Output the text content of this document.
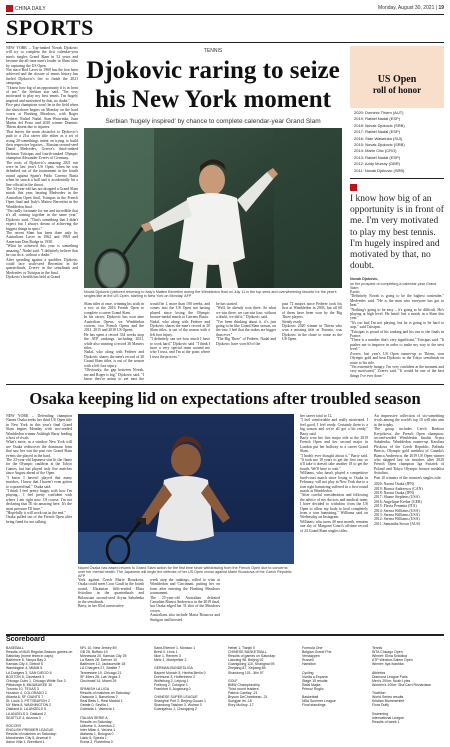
CHINA DAILY	Monday, August 30, 2021 | 19
SPORTS
NEW YORK – Top-ranked Novak Djokovic will try to complete the first calendar-year men's singles Grand Slam in 52 years and become the all-time men's leader in Slam titles by capturing the US Open.
Not since Rod Laver in 1969 has the feat been achieved and the closure of tennis history has fueled Djokovic's fire to finish the 2021 campaign.
"I know how big of an opportunity it is in front of me," the Serbian star said. "I'm very motivated to play my best tennis. I'm hugely inspired and motivated by that, no doubt."
Five past champions won't be in the field when the showdown begins on Monday on the hard courts at Flushing Meadows, with Roger Federer, Rafael Nadal, Stan Wawrinka, Juan Martin del Potro and 2020 winner Dominic Thiem absent due to injuries.
That leaves the main obstacles to Djokovic's path to a 21st career title either as a set of rising 20-somethings intent on trying to build their respective legacies – Russian second-seed Daniil Medvedev, Greece's third-ranked Stefanos Tsitsipas and fourth-ranked Olympic champion Alexander Zverev of Germany.
The roots of Djokovic's amazing 2021 run were in last year's US Open, when he was defaulted out of the tournament in the fourth round against Spain's Pablo Carreno Busta when he struck a ball and it accidentally hit a line official in the throat.
The 34-year-old has not dropped a Grand Slam match this year, beating Medvedev in the Australian Open final, Tsitsipas in the French Open final and Italy's Matteo Berrettini in the Wimbledon final.
"I'm really fortunate for me and incredible that it's all coming together in the same year," Djokovic said. "That's something that I didn't expect but I always dream of achieving the biggest things in sport."
The recent Slam has been done only by Australians Laver in 1962 and 1969 and American Don Budge in 1938.
"What he achieved this year is something amazing," Nadal said. "I definitely believe that he can do it, without a doubt."
After spending against a qualifier, Djokovic could face sixth-seed Berrettini in the quarterfinals, Zverev in the semifinals and Medvedev or Tsitsipas in the final.
Djokovic's health has held at Grand
TENNIS
Djokovic raring to seize
his New York moment
Serbian 'hugely inspired' by chance to complete calendar-year Grand Slam
Novak Djokovic (pictured returning to Italy's Matteo Berrettini during the Wimbledon final on July 11 in the top seed and overwhelming favorite for the year's singles title at the US Open, starting in New York on Monday. AFP
Slam titles at once, winning his sixth in a row at the 2016 French Open to complete a career Grand Slam.
In his career, Djokovic has won nine Australian Opens, six Wimbledon crowns, two French Opens and the 2011, 2015 and 2018 US Opens.
He has spent a record 334 weeks atop the ATP rankings, including 2021, while also winning a record 36 Masters titles.
Nadal, who along with Federer and Djokovic shares the men's record of 20 Grand Slam titles, is out of the season with a left foot injury.
"Obviously, the gap between Novak, me and Roger is big," Djokovic said. "I know they're going to get past the

would be 1, more than 100 weeks, and comes into the US Open not having played since losing the Olympic bronze-medal match to Carreno Busta.
Nadal, who along with Federer and Djokovic shares the men's record at 20 Slam titles, is out of the season with a left foot injury.
"I definitely can see how much I have to work hard," Djokovic said. "I think I have a very special team around me who I trust, and I'm at the point where I trust the process."
he has started.
"Well, he already won three. So what we win there, we can win four, without a doubt, we did it," Djokovic said.
"I've been thinking about it, it's just going to be like Grand Slam season, on the tour. I feel that the stakes are bigger than ever."
"The Big Three" of Federer, Nadal and Djokovic have won 60 of the
past 72 majors since Federer took his first at Wimbledon in 2003, but all 60 of them have been won by the Big Three players.
Steady ready
Djokovic 2020 winner in Thiem who won a missing title at Toronto, was Djokovic in the chase to come as the US Open.
US Open
roll of honor
2020: Dominic Thiem (AUT)
2019: Rafael Nadal (ESP)
2018: Novak Djokovic (SRB)
2017: Rafael Nadal (ESP)
2016: Stan Wawrinka (SUI)
2015: Novak Djokovic (SRB)
2014: Marin Cilic (CRO)
2013: Rafael Nadal (ESP)
2012: Andy Murray (GBR)
2011: Novak Djokovic (SRB)
I know how big of an opportunity is in front of me. I'm very motivated to play my best tennis. I'm hugely inspired and motivated by that, no doubt.
Novak Djokovic,
on the prospect of completing a calendar-year Grand Slam
Exotic
"Definitely Novak is going to be the highest contender," Medvedev said. "He is the man who everyone has got to beat."
"Nothing's going to be easy – it's going to be difficult. He's playing at high level. He hasn't lost a match in a Slam this year."
"It's too bad I'm not playing, but he is going to be hard to stop," said Tsitsipas.
"Tsitsipas is proud of his ranking and his run to the finals in France.
"There is a number that's very significant," Tsitsipas said. "It pushes me to improve in order to make my way to the next level."
Zverev, last year's US Open runner-up to Thiem, won Olympic gold and beat Djokovic in the Tokyo semifinals en route to his title.
"I'm extremely hungry. I'm very confident at the moment and very motivated," Zverev said. "It would be one of the best things I've ever done."
Osaka keeping lid on expectations after troubled season
NEW YORK – Defending champion Naomi Osaka seeks her third US Open title in New York in this year's final Grand Slam begins Monday with two-seeded Wimbledon winner Ashleigh Barty leading a host of rivals.
What's more, as a window New York will see Osaka rediscover the dominant form that saw her win the past two Grand Slam events she played in the hard.
The 23-year-old Japanese star lit the flame for the Olympic cauldron at the Tokyo Games, but has played only five matches since August ahead of the Open.
"I know I haven't played that many matches, I know that I haven't even gotten to a quarterfinal," Osaka said.
"I think I feel pretty happy with how I'm playing... I feel pretty confident with where I am right now. Of course, I'm not declaring that I'll do amazing here. It's the most pressure I'll have."
"Hopefully it will work out in the end."
Osaka pulled out of the French Open after being fined for not talking
Naomi Osaka has eased returns to Grand Slam action for the first time since withdrawing from the French Open due to concerns over her mental health. The Japanese will begin the defense of her US Open crown against Marie Bouzkova of the Czech Republic. AFP
York against Czech Marie Bouzkova, Osaka could meet Coco Gauff in the fourth round, Ukrainian fifth-seeded Elina Svitolina in the quarterfinals and Belarusian second-seed Aryna Sabalenka in the semifinals.
Barty, in her 83rd consecutive
week atop the rankings, rolled to wins at Wimbledon and Cincinnati, putting her on form after entering the Flushing Meadows tournament.
The 25-year-old Australian defeated Canadian Bianca Andreescu in the 2019 final, but Osaka edged her 31 shot of the Meadows crown.
Australians also include Maria Bouzova and Stuttgart and boosted
her career total to 12.
"I feel comfortable and really motivated. I feel good, I feel ready. Certainly there is a big season and we're all got a bit ready," Barty said.
Barty won her first major title at the 2019 French Open and her second major in London put her halfway to a career Grand Slam.
"I hadn't ever thought about it," Barty said. "It took me 18 years to get the first one, so it'll take it doesn't take another 18 to get the fourth. We'll have to wait."
Williams, who hasn't played a competitive hard-court match since losing to Osaka in February, will not play in New York due to a torn right hamstring suffered in a first-round match at Wimbledon.
"After careful consideration and following the advice of my doctors and medical team, I have decided to withdraw from the US Open to allow my body to heal completely from a torn hamstring," Williams said on Wednesday on Instagram.
Williams, who turns 40 next month, remains one shy of Margaret Court's all-time record of 24 Grand Slam singles titles.
An impressive collection of six-something rivals among the world's top 10 will also aim at the trophy.
The group includes Czech Barbora Krejcikova, the French Open champion; second-seeded Wimbledon finalist Aryna Sabalenka, Wimbledon runner-up Karolina Pliskova of the Czech Republic, Belinda Bencic, Olympic gold medalist of Canada's Bianca Andreescu, the 2019 US Open winner who skipped last six matches after 2020 French Open champion Iga Swiatek of Poland and Tokyo Olympic bronze medalist Svitolina.
Past 10 winners of the women's singles title:
2020: Naomi Osaka (JPN)
2019: Bianca Andreescu (CAN)
2018: Naomi Osaka (JPN)
2017: Sloane Stephens (USA)
2016: Angelique Kerber (GER)
2015: Flavia Pennetta (ITA)
2014: Serena Williams (USA)
2013: Serena Williams (USA)
2012: Serena Williams (USA)
2011: Samantha Stosur (AUS)
Scoreboard
BASEBALL
Results of MLB Regular-Season games on Saturday (home team in caps):
Baltimore 8, Tampa Bay 2
Kansas City 4, Detroit 5
Washington 4, MIAMI 5
LA Dodgers 3, SAN DIEGO 6
BOSTON 5, Cleveland 3
Chicago Cubs 1, Chicago White Sox 3
Pittsburgh 8, MILWAUKEE 10
Toronto 10, TEXAS 3
Houston 4, COLORADO 2
Atlanta 6, SF GIANTS 7
St. Louis 3, PITTSBURGH 2
NY Mets 8, WASHINGTON 2
Oakland 6, LA ANGELS 5
LA ANGELS 3, Oakland 2
SEATTLE 4, Arizona 0

SOCCER
ENGLISH PREMIER LEAGUE
Results of matches on Saturday:
Manchester City 5, Arsenal 0
Aston Villa 1, Brentford 1

NFL 10, New Jersey 89
GB 28, Buffalo 19
Minnesota 20, Kansas City 25
La Rams 28, Denver 10
Baltimore 13, Jacksonville 18
LA Chargers 27, Seattle 7
Tennessee 10, Chicago 21
SF 49ers 28, Las Vegas 3
Cincinnati 14, Miami 29

SPANISH LA LIGA
Results of matches on Saturday:
Osasuna 1, Barcelona 2
Real Betis 1, Real Madrid 1
Getafe 0, Sevilla 1
Granada 1, Valencia 1

ITALIAN SERIE A
Results on Saturday:
Udinese 0, Juventus 2
Inter Milan 4, Verona 1
Atalanta 1, Bologna 0
Lazio 6, Spezia 1
Roma 2, Fiorentina 0

Saint-Etienne 1, Monaco 1
Brest 0, Lens 1
Nice 1, Rennes 3
Metz 1, Montpellier 2

GERMAN BUNDESLIGA
Bayern Munich 5, Hertha Berlin 0
Dortmund 3, Hoffenheim 2
Wolfsburg 2, Leipzig 1
Freiburg 2, Cologne 1
Frankfurt 0, Augsburg 0

CHINESE SUPER LEAGUE
Shanghai Port 2, Beijing Guoan 1
Shandong Taishan 3, Wuhan 0
Guangzhou 1, Chongqing 2
Hebei 1, Tianjin 0
CHINESE BASKETBALL
Results of games on Saturday:
Liaoning 98, Beijing 92
Guangdong 110, Shanghai 95
Zhejiang 87, Xinjiang 85
Shandong 101, Jilin 97

GOLF
BMW Championship
Third round leaders:
Patrick Cantlay -21
Bryson DeChambeau -21
Sungjae Im -18
Rory McIlroy -17
Formula One
Belgian Grand Prix
Verstappen
Russell
Hamilton

Cycling
Vuelta a Espana
Stage 15 results:
Rafal Majka
Primoz Roglic

Basketball
NBA Summer League
Final standings
Tennis
WTA Chicago Open
Winner: Elina Svitolina
ATP Winston-Salem Open
Winner: Ilya Ivashka

Athletics
Diamond League Paris
Men's 200m: Noah Lyles
Women's 100m: Sha'Carri Richardson

Triathlon
World Series results
Kristian Blummenfelt
Flora Duffy

Swimming
International League
Results of week 1
